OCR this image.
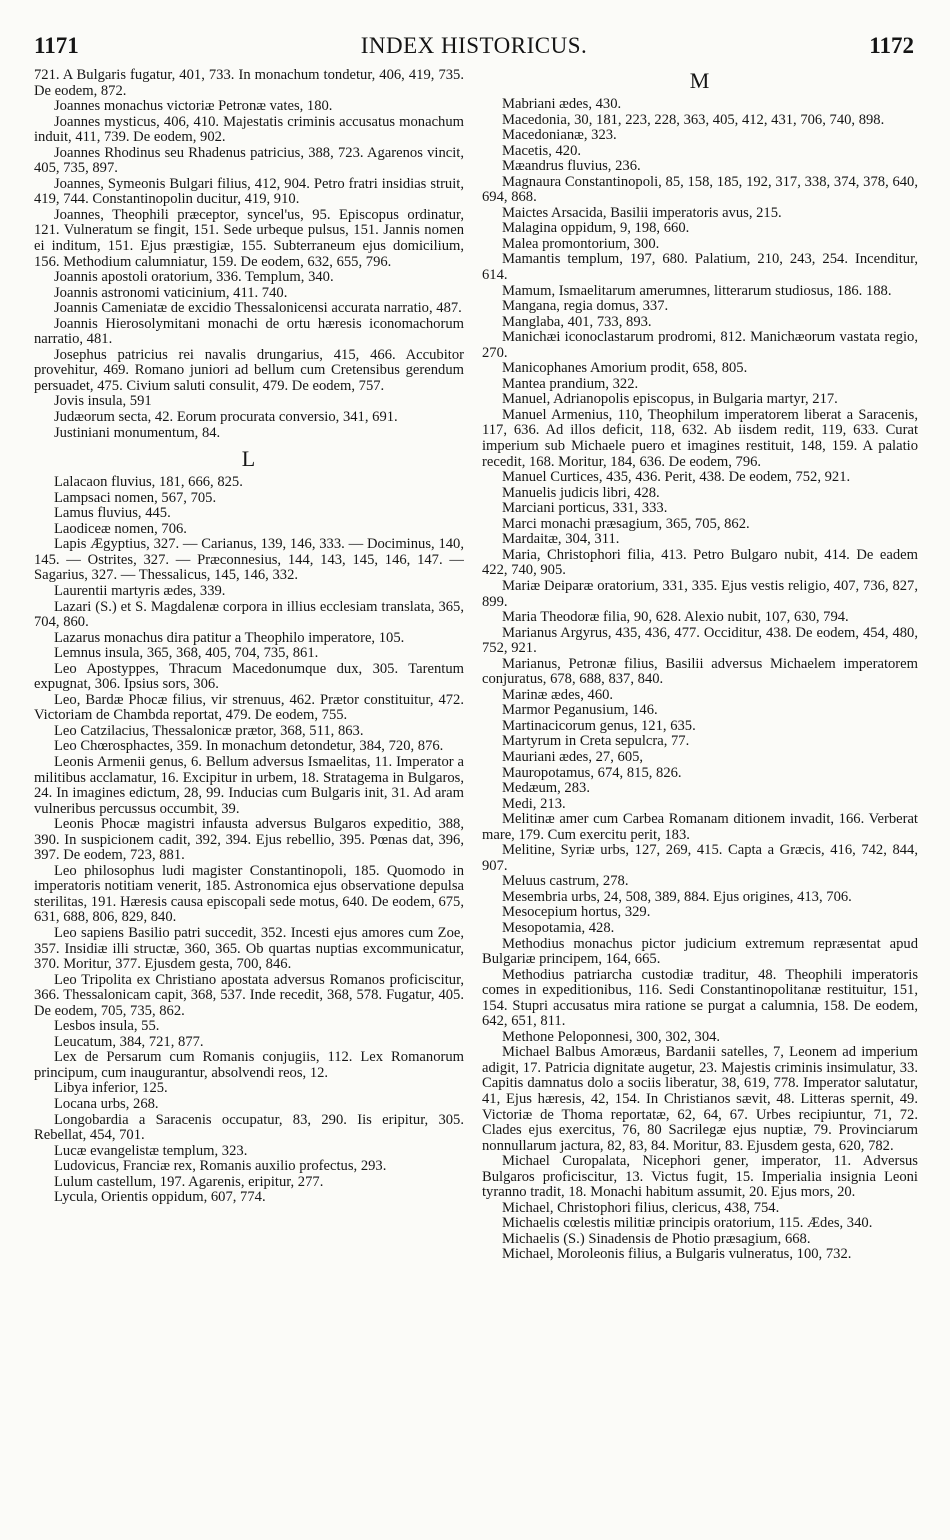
1171	INDEX HISTORICUS.	1172

721. A Bulgaris fugatur, 401, 733. In monachum tondetur, 406, 419, 735. De eodem, 872.

Joannes monachus victoriæ Petronæ vates, 180.

Joannes mysticus, 406, 410. Majestatis criminis accusatus monachum induit, 411, 739. De eodem, 902.

Joannes Rhodinus seu Rhadenus patricius, 388, 723. Agarenos vincit, 405, 735, 897.

Joannes, Symeonis Bulgari filius, 412, 904. Petro fratri insidias struit, 419, 744. Constantinopolin ducitur, 419, 910.

Joannes, Theophili præceptor, syncel'us, 95. Episcopus ordinatur, 121. Vulneratum se fingit, 151. Sede urbeque pulsus, 151. Jannis nomen ei inditum, 151. Ejus præstigiæ, 155. Subterraneum ejus domicilium, 156. Methodium calumniatur, 159. De eodem, 632, 655, 796.

Joannis apostoli oratorium, 336. Templum, 340.

Joannis astronomi vaticinium, 411. 740.

Joannis Cameniatæ de excidio Thessalonicensi accurata narratio, 487.

Joannis Hierosolymitani monachi de ortu hæresis iconomachorum narratio, 481.

Josephus patricius rei navalis drungarius, 415, 466. Accubitor provehitur, 469. Romano juniori ad bellum cum Cretensibus gerendum persuadet, 475. Civium saluti consulit, 479. De eodem, 757.

Jovis insula, 591

Judæorum secta, 42. Eorum procurata conversio, 341, 691.

Justiniani monumentum, 84.

L

Lalacaon fluvius, 181, 666, 825.

Lampsaci nomen, 567, 705.

Lamus fluvius, 445.

Laodiceæ nomen, 706.

Lapis Ægyptius, 327. — Carianus, 139, 146, 333. — Dociminus, 140, 145. — Ostrites, 327. — Præconnesius, 144, 143, 145, 146, 147. — Sagarius, 327. — Thessalicus, 145, 146, 332.

Laurentii martyris ædes, 339.

Lazari (S.) et S. Magdalenæ corpora in illius ecclesiam translata, 365, 704, 860.

Lazarus monachus dira patitur a Theophilo imperatore, 105.

Lemnus insula, 365, 368, 405, 704, 735, 861.

Leo Apostyppes, Thracum Macedonumque dux, 305. Tarentum expugnat, 306. Ipsius sors, 306.

Leo, Bardæ Phocæ filius, vir strenuus, 462. Prætor constituitur, 472. Victoriam de Chambda reportat, 479. De eodem, 755.

Leo Catzilacius, Thessalonicæ prætor, 368, 511, 863.

Leo Chœrosphactes, 359. In monachum detondetur, 384, 720, 876.

Leonis Armenii genus, 6. Bellum adversus Ismaelitas, 11. Imperator a militibus acclamatur, 16. Excipitur in urbem, 18. Stratagema in Bulgaros, 24. In imagines edictum, 28, 99. Inducias cum Bulgaris init, 31. Ad aram vulneribus percussus occumbit, 39.

Leonis Phocæ magistri infausta adversus Bulgaros expeditio, 388, 390. In suspicionem cadit, 392, 394. Ejus rebellio, 395. Pœnas dat, 396, 397. De eodem, 723, 881.

Leo philosophus ludi magister Constantinopoli, 185. Quomodo in imperatoris notitiam venerit, 185. Astronomica ejus observatione depulsa sterilitas, 191. Hæresis causa episcopali sede motus, 640. De eodem, 675, 631, 688, 806, 829, 840.

Leo sapiens Basilio patri succedit, 352. Incesti ejus amores cum Zoe, 357. Insidiæ illi structæ, 360, 365. Ob quartas nuptias excommunicatur, 370. Moritur, 377. Ejusdem gesta, 700, 846.

Leo Tripolita ex Christiano apostata adversus Romanos proficiscitur, 366. Thessalonicam capit, 368, 537. Inde recedit, 368, 578. Fugatur, 405. De eodem, 705, 735, 862.

Lesbos insula, 55.

Leucatum, 384, 721, 877.

Lex de Persarum cum Romanis conjugiis, 112. Lex Romanorum principum, cum inaugurantur, absolvendi reos, 12.

Libya inferior, 125.

Locana urbs, 268.

Longobardia a Saracenis occupatur, 83, 290. Iis eripitur, 305. Rebellat, 454, 701.

Lucæ evangelistæ templum, 323.

Ludovicus, Franciæ rex, Romanis auxilio profectus, 293.

Lulum castellum, 197. Agarenis, eripitur, 277.

Lycula, Orientis oppidum, 607, 774.

M

Mabriani ædes, 430.

Macedonia, 30, 181, 223, 228, 363, 405, 412, 431, 706, 740, 898.

Macedonianæ, 323.

Macetis, 420.

Mæandrus fluvius, 236.

Magnaura Constantinopoli, 85, 158, 185, 192, 317, 338, 374, 378, 640, 694, 868.

Maictes Arsacida, Basilii imperatoris avus, 215.

Malagina oppidum, 9, 198, 660.

Malea promontorium, 300.

Mamantis templum, 197, 680. Palatium, 210, 243, 254. Incenditur, 614.

Mamum, Ismaelitarum amerumnes, litterarum studiosus, 186. 188.

Mangana, regia domus, 337.

Manglaba, 401, 733, 893.

Manichæi iconoclastarum prodromi, 812. Manichæorum vastata regio, 270.

Manicophanes Amorium prodit, 658, 805.

Mantea prandium, 322.

Manuel, Adrianopolis episcopus, in Bulgaria martyr, 217.

Manuel Armenius, 110, Theophilum imperatorem liberat a Saracenis, 117, 636. Ad illos deficit, 118, 632. Ab iisdem redit, 119, 633. Curat imperium sub Michaele puero et imagines restituit, 148, 159. A palatio recedit, 168. Moritur, 184, 636. De eodem, 796.

Manuel Curtices, 435, 436. Perit, 438. De eodem, 752, 921.

Manuelis judicis libri, 428.

Marciani porticus, 331, 333.

Marci monachi præsagium, 365, 705, 862.

Mardaitæ, 304, 311.

Maria, Christophori filia, 413. Petro Bulgaro nubit, 414. De eadem 422, 740, 905.

Mariæ Deiparæ oratorium, 331, 335. Ejus vestis religio, 407, 736, 827, 899.

Maria Theodoræ filia, 90, 628. Alexio nubit, 107, 630, 794.

Marianus Argyrus, 435, 436, 477. Occiditur, 438. De eodem, 454, 480, 752, 921.

Marianus, Petronæ filius, Basilii adversus Michaelem imperatorem conjuratus, 678, 688, 837, 840.

Marinæ ædes, 460.

Marmor Peganusium, 146.

Martinacicorum genus, 121, 635.

Martyrum in Creta sepulcra, 77.

Mauriani ædes, 27, 605,

Mauropotamus, 674, 815, 826.

Medæum, 283.

Medi, 213.

Melitinæ amer cum Carbea Romanam ditionem invadit, 166. Verberat mare, 179. Cum exercitu perit, 183.

Melitine, Syriæ urbs, 127, 269, 415. Capta a Græcis, 416, 742, 844, 907.

Meluus castrum, 278.

Mesembria urbs, 24, 508, 389, 884. Ejus origines, 413, 706.

Mesocepium hortus, 329.

Mesopotamia, 428.

Methodius monachus pictor judicium extremum repræsentat apud Bulgariæ principem, 164, 665.

Methodius patriarcha custodiæ traditur, 48. Theophili imperatoris comes in expeditionibus, 116. Sedi Constantinopolitanæ restituitur, 151, 154. Stupri accusatus mira ratione se purgat a calumnia, 158. De eodem, 642, 651, 811.

Methone Peloponnesi, 300, 302, 304.

Michael Balbus Amoræus, Bardanii satelles, 7, Leonem ad imperium adigit, 17. Patricia dignitate augetur, 23. Majestis criminis insimulatur, 33. Capitis damnatus dolo a sociis liberatur, 38, 619, 778. Imperator salutatur, 41, Ejus hæresis, 42, 154. In Christianos sævit, 48. Litteras spernit, 49. Victoriæ de Thoma reportatæ, 62, 64, 67. Urbes recipiuntur, 71, 72. Clades ejus exercitus, 76, 80 Sacrilegæ ejus nuptiæ, 79. Provinciarum nonnullarum jactura, 82, 83, 84. Moritur, 83. Ejusdem gesta, 620, 782.

Michael Curopalata, Nicephori gener, imperator, 11. Adversus Bulgaros proficiscitur, 13. Victus fugit, 15. Imperialia insignia Leoni tyranno tradit, 18. Monachi habitum assumit, 20. Ejus mors, 20.

Michael, Christophori filius, clericus, 438, 754.

Michaelis cœlestis militiæ principis oratorium, 115. Ædes, 340.

Michaelis (S.) Sinadensis de Photio præsagium, 668.

Michael, Moroleonis filius, a Bulgaris vulneratus, 100, 732.
